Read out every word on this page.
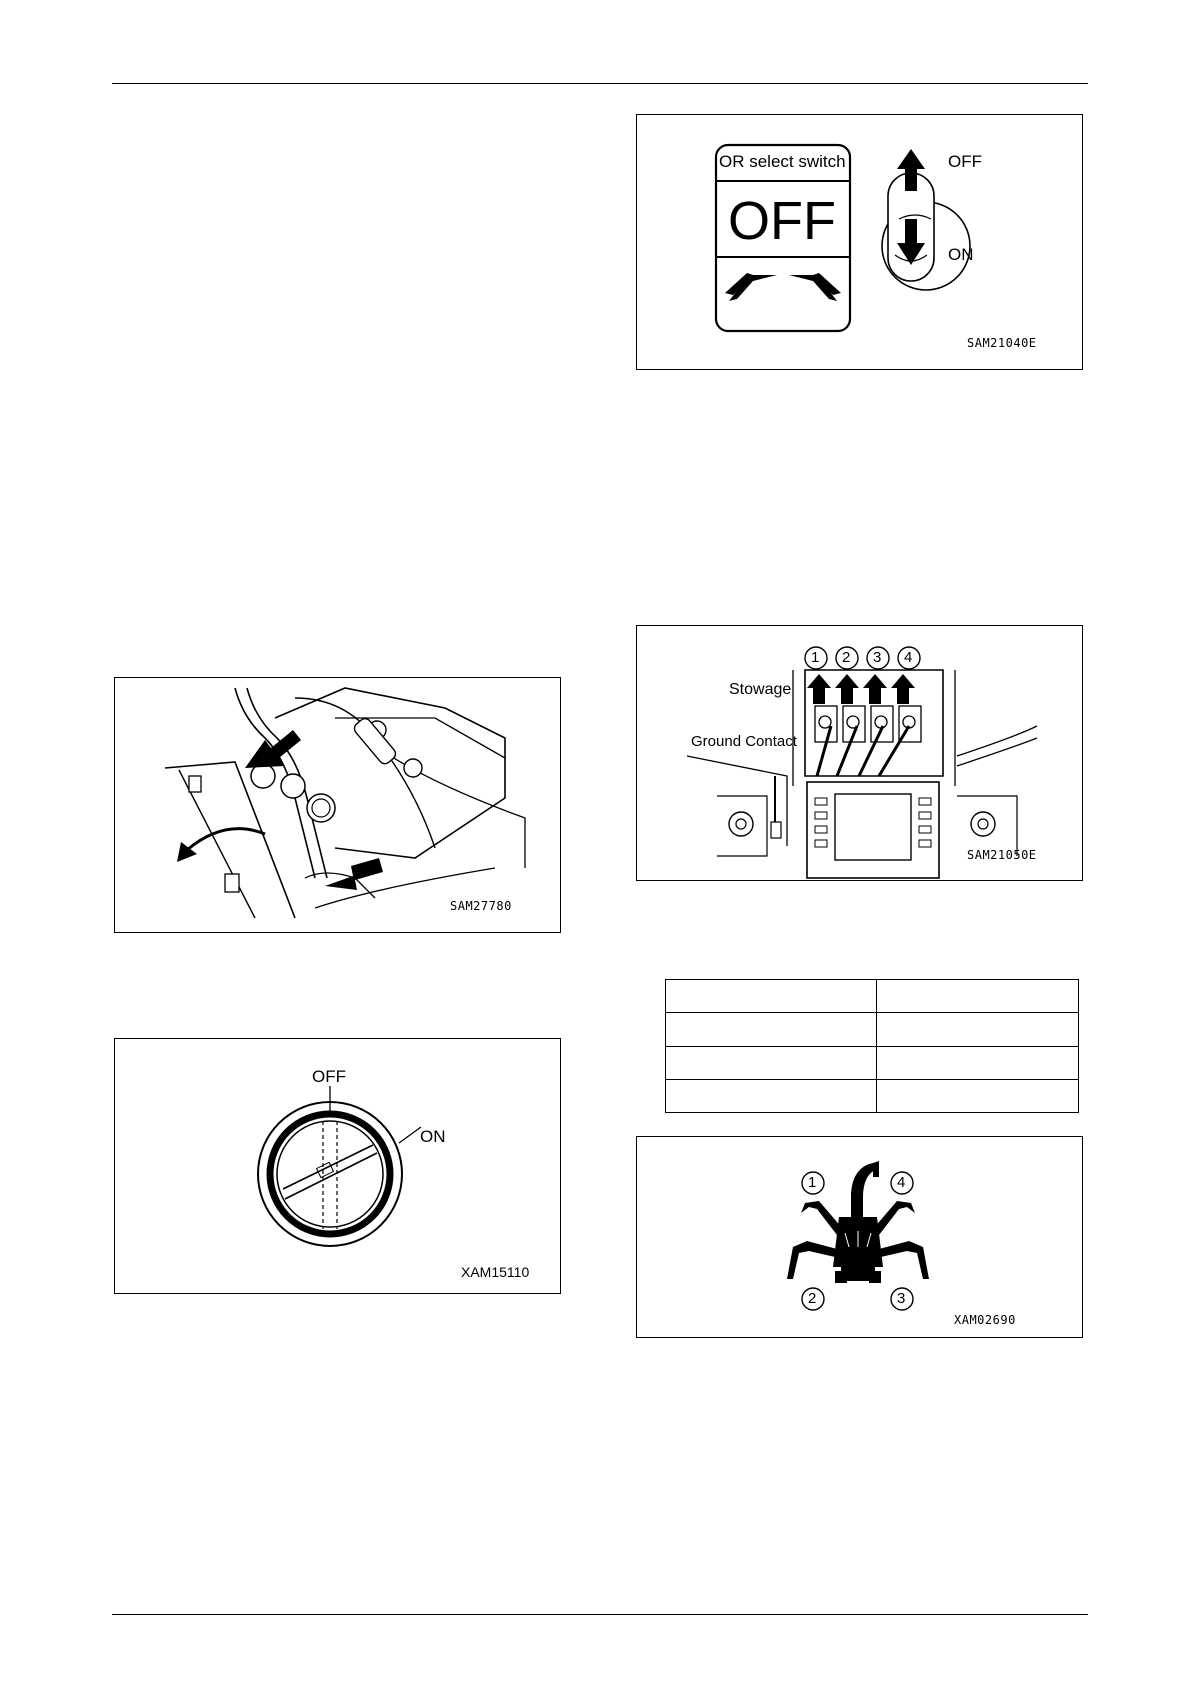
OR select switch
OFF
OFF
ON
SAM21040E
SAM27780
OFF
ON
XAM15110
1 2 3 4
Stowage
Ground Contact
SAM21050E

1	4
2	3
XAM02690
